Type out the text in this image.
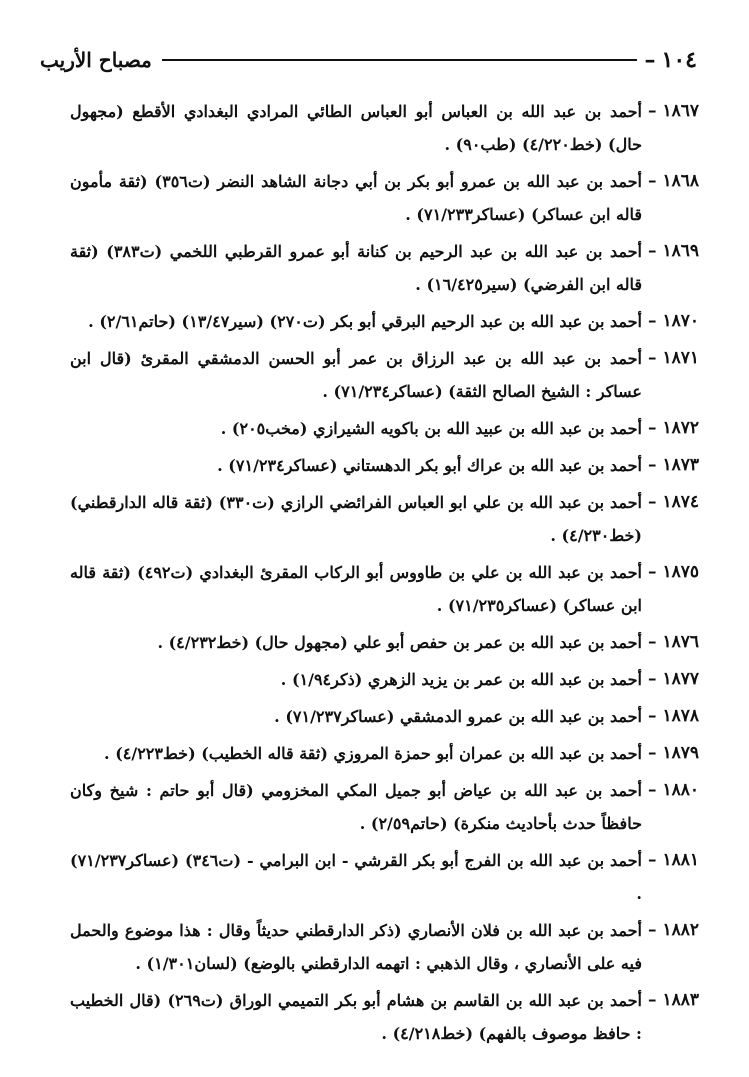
١٠٤
–
مصباح الأريب
١٨٦٧
–
أحمد بن عبد الله بن العباس أبو العباس الطائي المرادي البغدادي الأقطع (مجهول حال) (خط٤/٢٢٠) (طب٩٠) .
١٨٦٨
–
أحمد بن عبد الله بن عمرو أبو بكر بن أبي دجانة الشاهد النضر (ت٣٥٦) (ثقة مأمون قاله ابن عساكر) (عساكر٧١/٢٣٣) .
١٨٦٩
–
أحمد بن عبد الله بن عبد الرحيم بن كنانة أبو عمرو القرطبي اللخمي (ت٣٨٣) (ثقة قاله ابن الفرضي) (سير١٦/٤٢٥) .
١٨٧٠
–
أحمد بن عبد الله بن عبد الرحيم البرقي أبو بكر (ت٢٧٠) (سير١٣/٤٧) (حاتم٢/٦١) .
١٨٧١
–
أحمد بن عبد الله بن عبد الرزاق بن عمر أبو الحسن الدمشقي المقرئ (قال ابن عساكر : الشيخ الصالح الثقة) (عساكر٧١/٢٣٤) .
١٨٧٢
–
أحمد بن عبد الله بن عبيد الله بن باكويه الشيرازي (مخب٢٠٥) .
١٨٧٣
–
أحمد بن عبد الله بن عراك أبو بكر الدهستاني (عساكر٧١/٢٣٤) .
١٨٧٤
–
أحمد بن عبد الله بن علي ابو العباس الفرائضي الرازي (ت٣٣٠) (ثقة قاله الدارقطني) (خط٤/٢٣٠) .
١٨٧٥
–
أحمد بن عبد الله بن علي بن طاووس أبو الركاب المقرئ البغدادي (ت٤٩٢) (ثقة قاله ابن عساكر) (عساكر٧١/٢٣٥) .
١٨٧٦
–
أحمد بن عبد الله بن عمر بن حفص أبو علي (مجهول حال) (خط٤/٢٣٢) .
١٨٧٧
–
أحمد بن عبد الله بن عمر بن يزيد الزهري (ذكر١/٩٤) .
١٨٧٨
–
أحمد بن عبد الله بن عمرو الدمشقي (عساكر٧١/٢٣٧) .
١٨٧٩
–
أحمد بن عبد الله بن عمران أبو حمزة المروزي (ثقة قاله الخطيب) (خط٤/٢٢٣) .
١٨٨٠
–
أحمد بن عبد الله بن عياض أبو جميل المكي المخزومي (قال أبو حاتم : شيخ وكان حافظاً حدث بأحاديث منكرة) (حاتم٢/٥٩) .
١٨٨١
–
أحمد بن عبد الله بن الفرج أبو بكر القرشي - ابن البرامي - (ت٣٤٦) (عساكر٧١/٢٣٧) .
١٨٨٢
–
أحمد بن عبد الله بن فلان الأنصاري (ذكر الدارقطني حديثاً وقال : هذا موضوع والحمل فيه على الأنصاري ، وقال الذهبي : اتهمه الدارقطني بالوضع) (لسان١/٣٠١) .
١٨٨٣
–
أحمد بن عبد الله بن القاسم بن هشام أبو بكر التميمي الوراق (ت٢٦٩) (قال الخطيب : حافظ موصوف بالفهم) (خط٤/٢١٨) .
